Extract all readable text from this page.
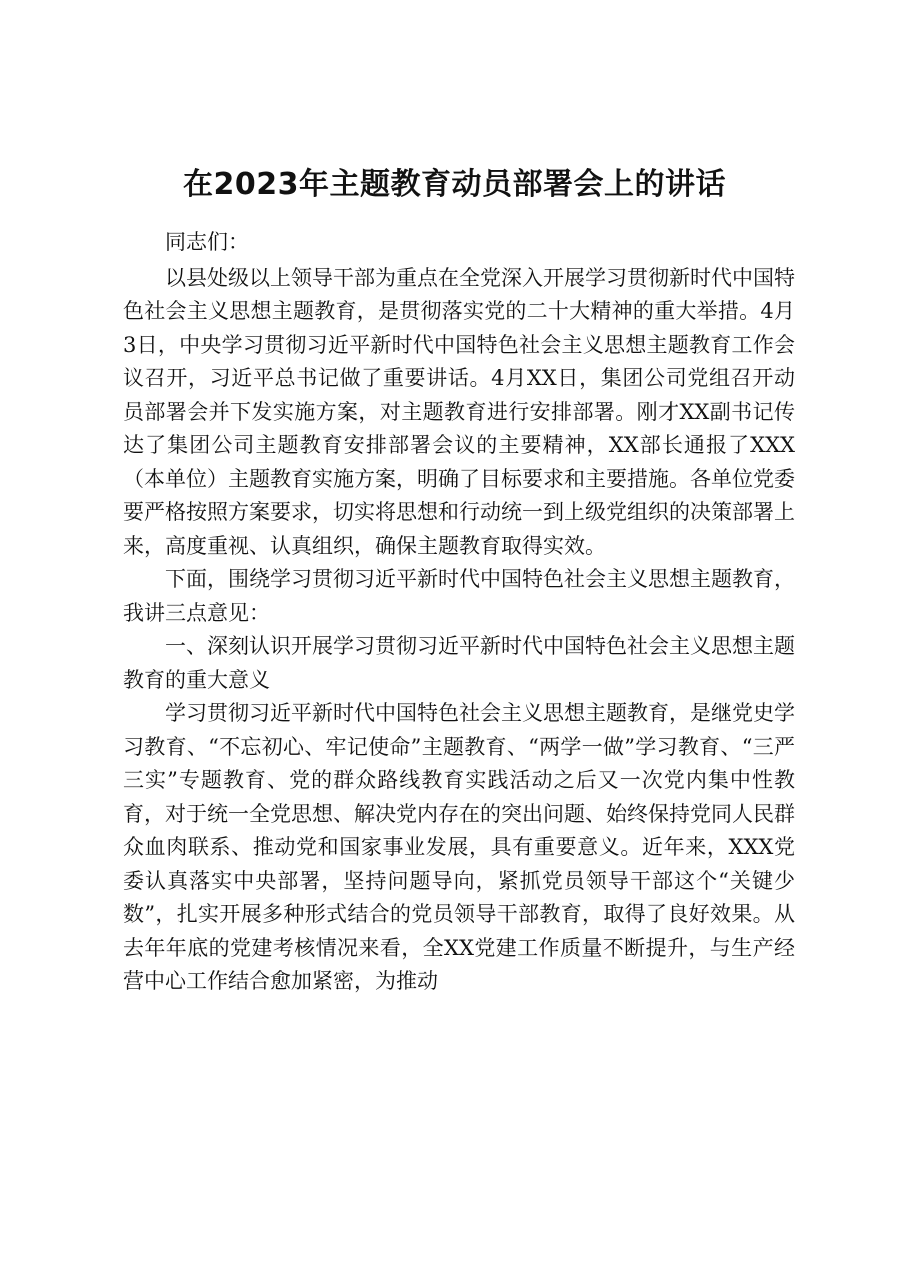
在2023年主题教育动员部署会上的讲话

同志们：

以县处级以上领导干部为重点在全党深入开展学习贯彻新时代中国特色社会主义思想主题教育，是贯彻落实党的二十大精神的重大举措。4月3日，中央学习贯彻习近平新时代中国特色社会主义思想主题教育工作会议召开，习近平总书记做了重要讲话。4月XX日，集团公司党组召开动员部署会并下发实施方案，对主题教育进行安排部署。刚才XX副书记传达了集团公司主题教育安排部署会议的主要精神，XX部长通报了XXX（本单位）主题教育实施方案，明确了目标要求和主要措施。各单位党委要严格按照方案要求，切实将思想和行动统一到上级党组织的决策部署上来，高度重视、认真组织，确保主题教育取得实效。

下面，围绕学习贯彻习近平新时代中国特色社会主义思想主题教育，我讲三点意见：

一、深刻认识开展学习贯彻习近平新时代中国特色社会主义思想主题教育的重大意义

学习贯彻习近平新时代中国特色社会主义思想主题教育，是继党史学习教育、“不忘初心、牢记使命”主题教育、“两学一做”学习教育、“三严三实”专题教育、党的群众路线教育实践活动之后又一次党内集中性教育，对于统一全党思想、解决党内存在的突出问题、始终保持党同人民群众血肉联系、推动党和国家事业发展，具有重要意义。近年来，XXX党委认真落实中央部署，坚持问题导向，紧抓党员领导干部这个“关键少数”，扎实开展多种形式结合的党员领导干部教育，取得了良好效果。从去年年底的党建考核情况来看，全XX党建工作质量不断提升，与生产经营中心工作结合愈加紧密，为推动
